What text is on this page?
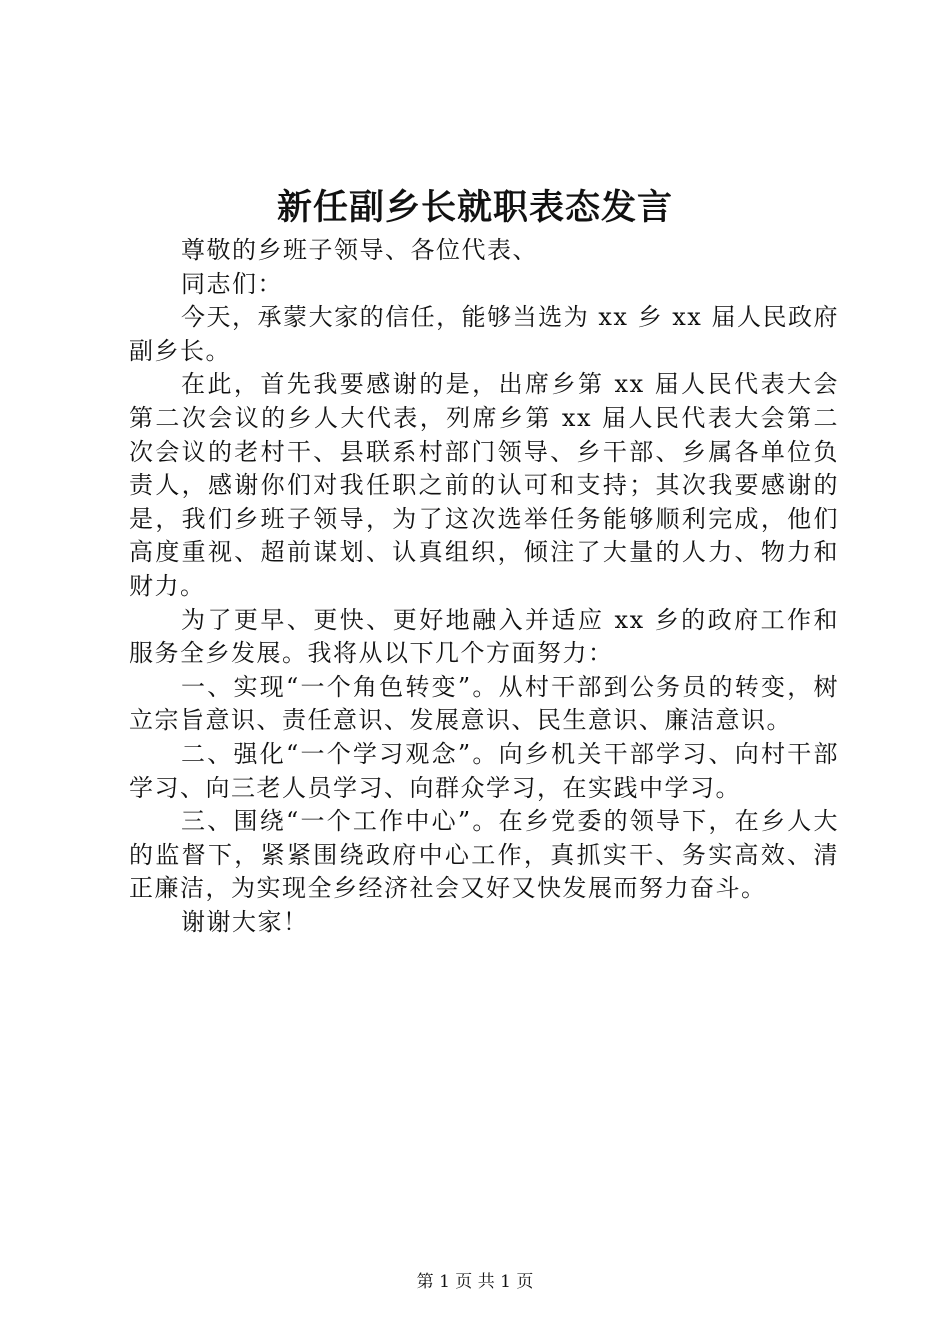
新任副乡长就职表态发言

尊敬的乡班子领导、各位代表、

同志们：

今天，承蒙大家的信任，能够当选为 xx 乡 xx 届人民政府副乡长。

在此，首先我要感谢的是，出席乡第 xx 届人民代表大会第二次会议的乡人大代表，列席乡第 xx 届人民代表大会第二次会议的老村干、县联系村部门领导、乡干部、乡属各单位负责人，感谢你们对我任职之前的认可和支持；其次我要感谢的是，我们乡班子领导，为了这次选举任务能够顺利完成，他们高度重视、超前谋划、认真组织，倾注了大量的人力、物力和财力。

为了更早、更快、更好地融入并适应 xx 乡的政府工作和服务全乡发展。我将从以下几个方面努力：

一、实现“一个角色转变”。从村干部到公务员的转变，树立宗旨意识、责任意识、发展意识、民生意识、廉洁意识。

二、强化“一个学习观念”。向乡机关干部学习、向村干部学习、向三老人员学习、向群众学习，在实践中学习。

三、围绕“一个工作中心”。在乡党委的领导下，在乡人大的监督下，紧紧围绕政府中心工作，真抓实干、务实高效、清正廉洁，为实现全乡经济社会又好又快发展而努力奋斗。

谢谢大家！

第 1 页 共 1 页
